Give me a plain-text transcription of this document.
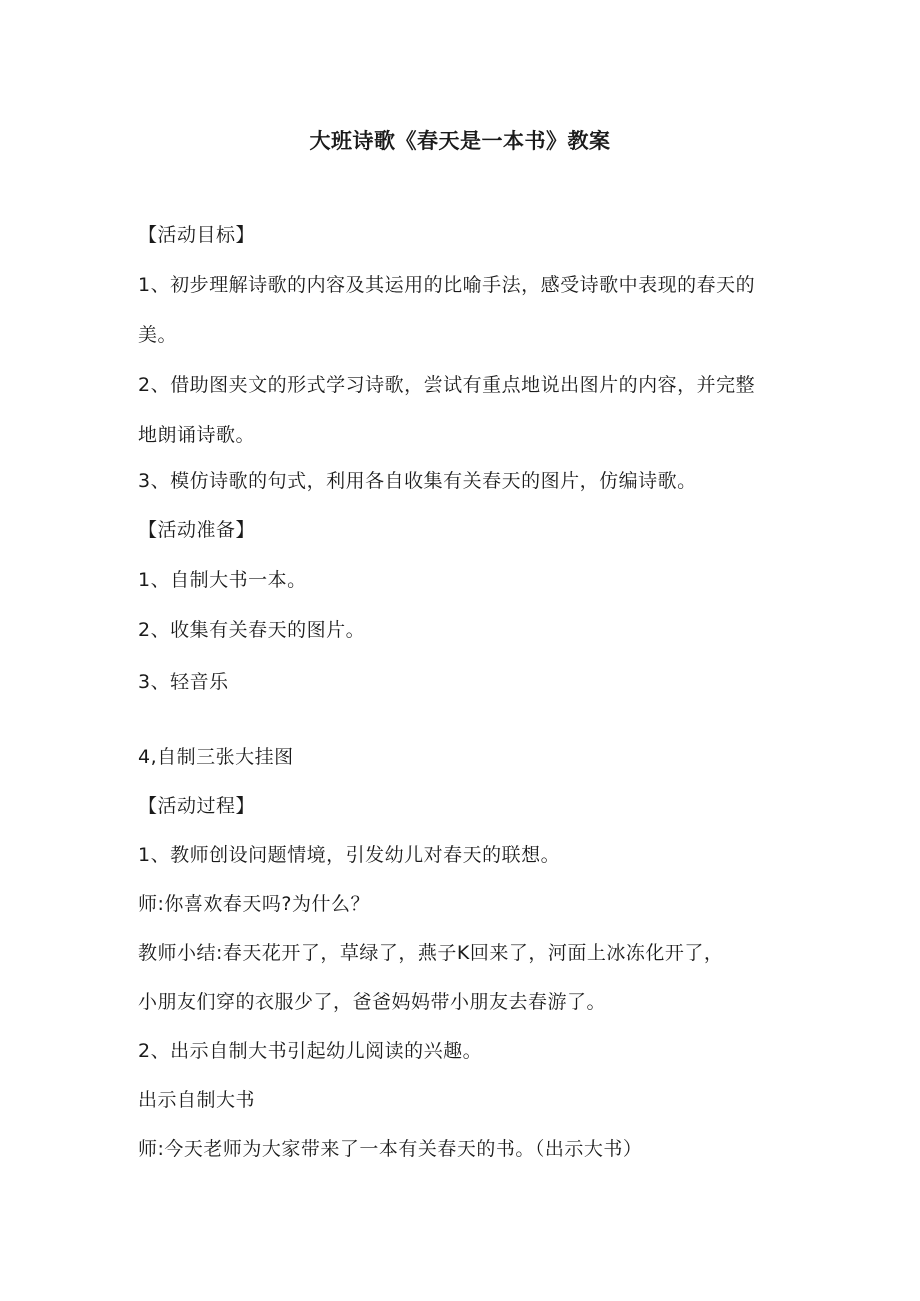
大班诗歌《春天是一本书》教案
【活动目标】
1、初步理解诗歌的内容及其运用的比喻手法，感受诗歌中表现的春天的
美。
2、借助图夹文的形式学习诗歌，尝试有重点地说出图片的内容，并完整
地朗诵诗歌。
3、模仿诗歌的句式，利用各自收集有关春天的图片，仿编诗歌。
【活动准备】
1、自制大书一本。
2、收集有关春天的图片。
3、轻音乐
4,自制三张大挂图
【活动过程】
1、教师创设问题情境，引发幼儿对春天的联想。
师:你喜欢春天吗?为什么？
教师小结:春天花开了，草绿了，燕子K回来了，河面上冰冻化开了，
小朋友们穿的衣服少了，爸爸妈妈带小朋友去春游了。
2、出示自制大书引起幼儿阅读的兴趣。
出示自制大书
师:今天老师为大家带来了一本有关春天的书。（出示大书）
